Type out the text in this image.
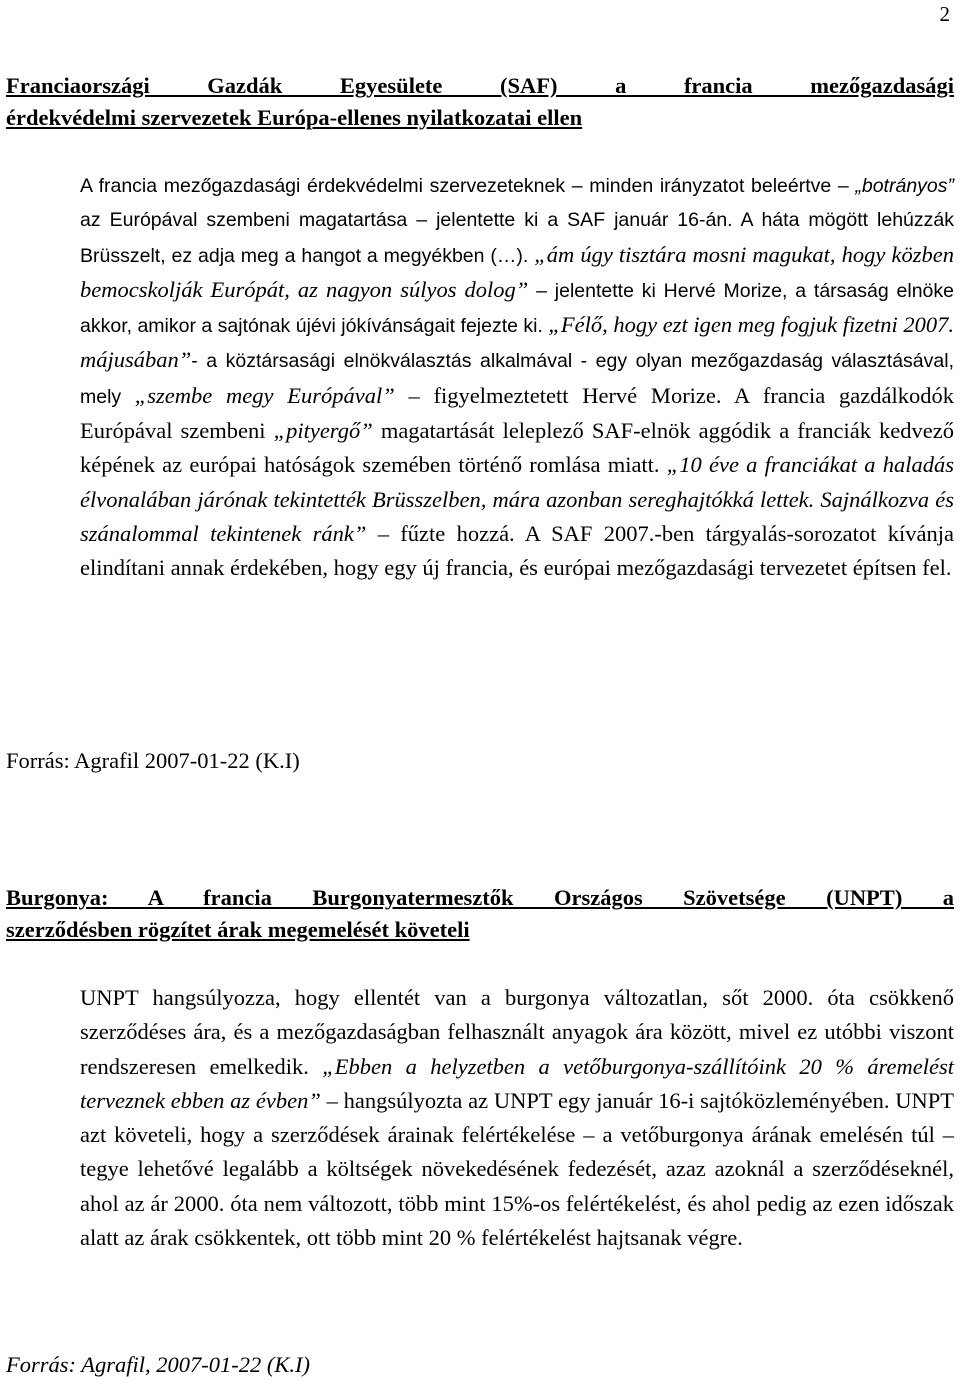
2
Franciaországi Gazdák Egyesülete (SAF) a francia mezőgazdasági
érdekvédelmi szervezetek Európa-ellenes nyilatkozatai ellen
A francia mezőgazdasági érdekvédelmi szervezeteknek – minden irányzatot beleértve – „botrányos” az Európával szembeni magatartása – jelentette ki a SAF január 16-án. A háta mögött lehúzzák Brüsszelt, ez adja meg a hangot a megyékben (…). „ám úgy tisztára mosni magukat, hogy közben bemocskolják Európát, az nagyon súlyos dolog” – jelentette ki Hervé Morize, a társaság elnöke akkor, amikor a sajtónak újévi jókívánságait fejezte ki. „Félő, hogy ezt igen meg fogjuk fizetni 2007. májusában”- a köztársasági elnökválasztás alkalmával - egy olyan mezőgazdaság választásával, mely „szembe megy Európával” – figyelmeztetett Hervé Morize. A francia gazdálkodók Európával szembeni „pityergő” magatartását leleplező SAF-elnök aggódik a franciák kedvező képének az európai hatóságok szemében történő romlása miatt. „10 éve a franciákat a haladás élvonalában járónak tekintették Brüsszelben, mára azonban sereghajtókká lettek. Sajnálkozva és szánalommal tekintenek ránk” – fűzte hozzá. A SAF 2007.-ben tárgyalás-sorozatot kívánja elindítani annak érdekében, hogy egy új francia, és európai mezőgazdasági tervezetet építsen fel.
Forrás: Agrafil 2007-01-22 (K.I)
Burgonya: A francia Burgonyatermesztők Országos Szövetsége (UNPT) a
szerződésben rögzítet árak megemelését követeli
UNPT hangsúlyozza, hogy ellentét van a burgonya változatlan, sőt 2000. óta csökkenő szerződéses ára, és a mezőgazdaságban felhasznált anyagok ára között, mivel ez utóbbi viszont rendszeresen emelkedik. „Ebben a helyzetben a vetőburgonya-szállítóink 20 % áremelést terveznek ebben az évben” – hangsúlyozta az UNPT egy január 16-i sajtóközleményében. UNPT azt követeli, hogy a szerződések árainak felértékelése – a vetőburgonya árának emelésén túl – tegye lehetővé legalább a költségek növekedésének fedezését, azaz azoknál a szerződéseknél, ahol az ár 2000. óta nem változott, több mint 15%-os felértékelést, és ahol pedig az ezen időszak alatt az árak csökkentek, ott több mint 20 % felértékelést hajtsanak végre.
Forrás: Agrafil, 2007-01-22 (K.I)
